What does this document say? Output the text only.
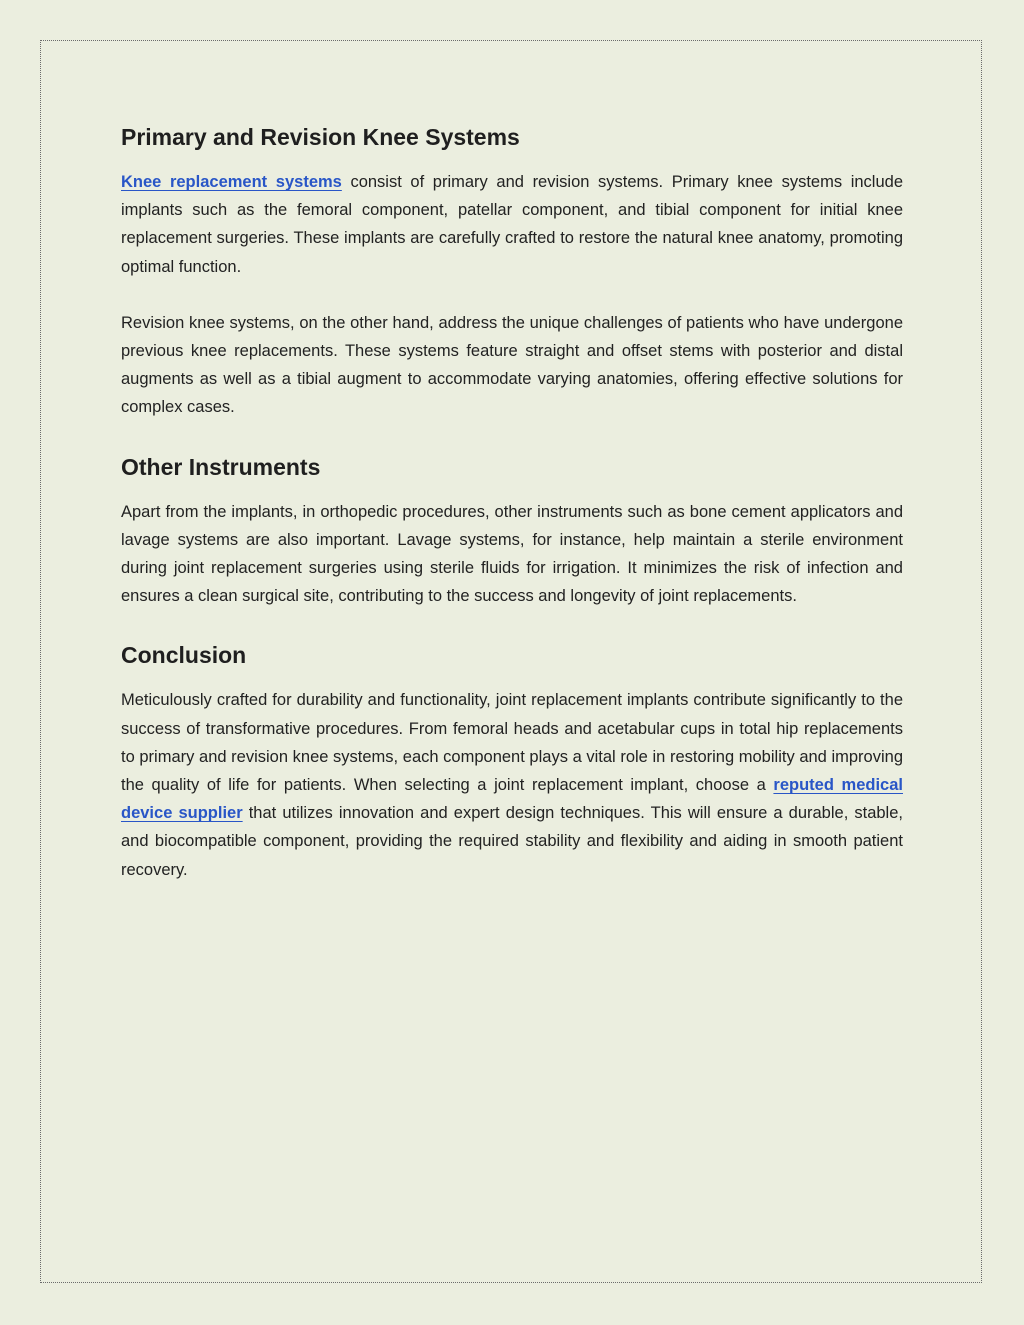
Primary and Revision Knee Systems

Knee replacement systems consist of primary and revision systems. Primary knee systems include implants such as the femoral component, patellar component, and tibial component for initial knee replacement surgeries. These implants are carefully crafted to restore the natural knee anatomy, promoting optimal function.

Revision knee systems, on the other hand, address the unique challenges of patients who have undergone previous knee replacements. These systems feature straight and offset stems with posterior and distal augments as well as a tibial augment to accommodate varying anatomies, offering effective solutions for complex cases.

Other Instruments

Apart from the implants, in orthopedic procedures, other instruments such as bone cement applicators and lavage systems are also important. Lavage systems, for instance, help maintain a sterile environment during joint replacement surgeries using sterile fluids for irrigation. It minimizes the risk of infection and ensures a clean surgical site, contributing to the success and longevity of joint replacements.

Conclusion

Meticulously crafted for durability and functionality, joint replacement implants contribute significantly to the success of transformative procedures. From femoral heads and acetabular cups in total hip replacements to primary and revision knee systems, each component plays a vital role in restoring mobility and improving the quality of life for patients. When selecting a joint replacement implant, choose a reputed medical device supplier that utilizes innovation and expert design techniques. This will ensure a durable, stable, and biocompatible component, providing the required stability and flexibility and aiding in smooth patient recovery.
